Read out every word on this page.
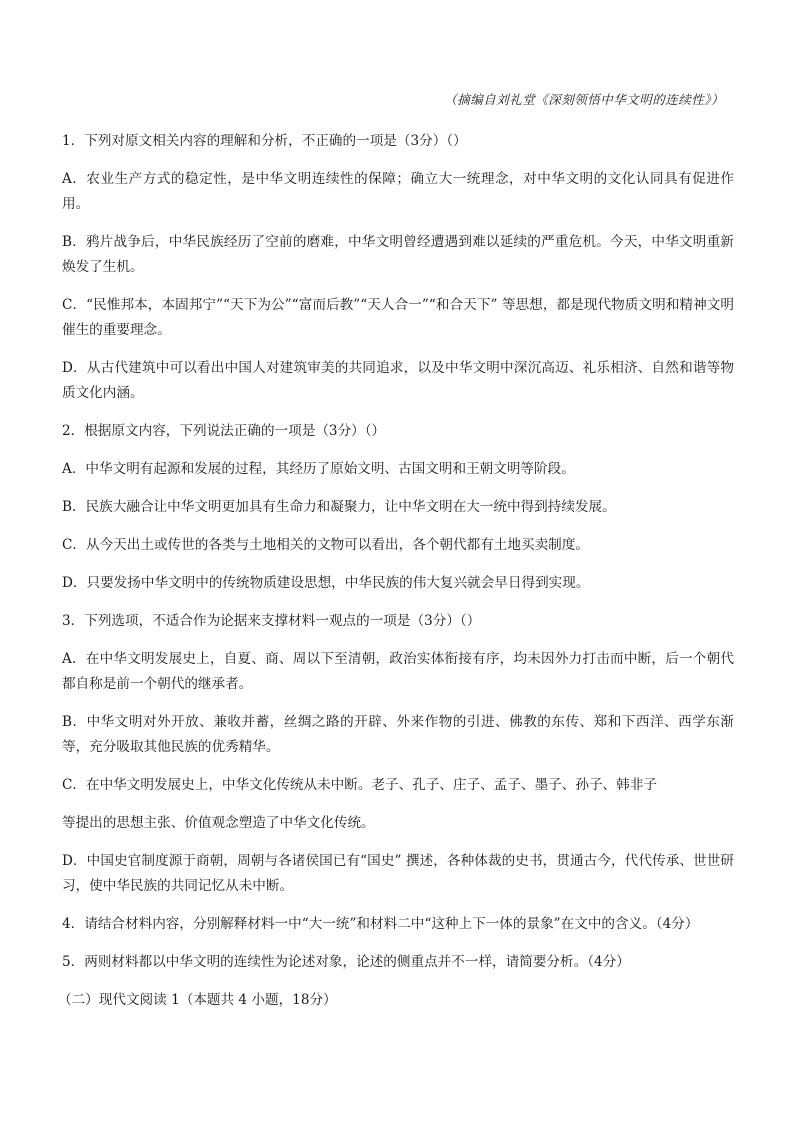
（摘编自刘礼堂《深刻领悟中华文明的连续性》）

1．下列对原文相关内容的理解和分析，不正确的一项是（3分）（）

A．农业生产方式的稳定性，是中华文明连续性的保障；确立大一统理念，对中华文明的文化认同具有促进作用。

B．鸦片战争后，中华民族经历了空前的磨难，中华文明曾经遭遇到难以延续的严重危机。今天，中华文明重新焕发了生机。

C．“民惟邦本，本固邦宁”“天下为公”“富而后教”“天人合一”“和合天下” 等思想，都是现代物质文明和精神文明催生的重要理念。

D．从古代建筑中可以看出中国人对建筑审美的共同追求，以及中华文明中深沉高迈、礼乐相济、自然和谐等物质文化内涵。

2．根据原文内容，下列说法正确的一项是（3分）（）

A．中华文明有起源和发展的过程，其经历了原始文明、古国文明和王朝文明等阶段。

B．民族大融合让中华文明更加具有生命力和凝聚力，让中华文明在大一统中得到持续发展。

C．从今天出土或传世的各类与土地相关的文物可以看出，各个朝代都有土地买卖制度。

D．只要发扬中华文明中的传统物质建设思想，中华民族的伟大复兴就会早日得到实现。

3．下列选项，不适合作为论据来支撑材料一观点的一项是（3分）（）

A．在中华文明发展史上，自夏、商、周以下至清朝，政治实体衔接有序，均未因外力打击而中断，后一个朝代都自称是前一个朝代的继承者。

B．中华文明对外开放、兼收并蓄，丝绸之路的开辟、外来作物的引进、佛教的东传、郑和下西洋、西学东渐等，充分吸取其他民族的优秀精华。

C．在中华文明发展史上，中华文化传统从未中断。老子、孔子、庄子、孟子、墨子、孙子、韩非子

等提出的思想主张、价值观念塑造了中华文化传统。

D．中国史官制度源于商朝，周朝与各诸侯国已有“国史” 撰述，各种体裁的史书，贯通古今，代代传承、世世研习，使中华民族的共同记忆从未中断。

4．请结合材料内容，分别解释材料一中“大一统”和材料二中“这种上下一体的景象”在文中的含义。（4分）

5．两则材料都以中华文明的连续性为论述对象，论述的侧重点并不一样，请简要分析。（4分）

（二）现代文阅读 1（本题共 4 小题，18分）
